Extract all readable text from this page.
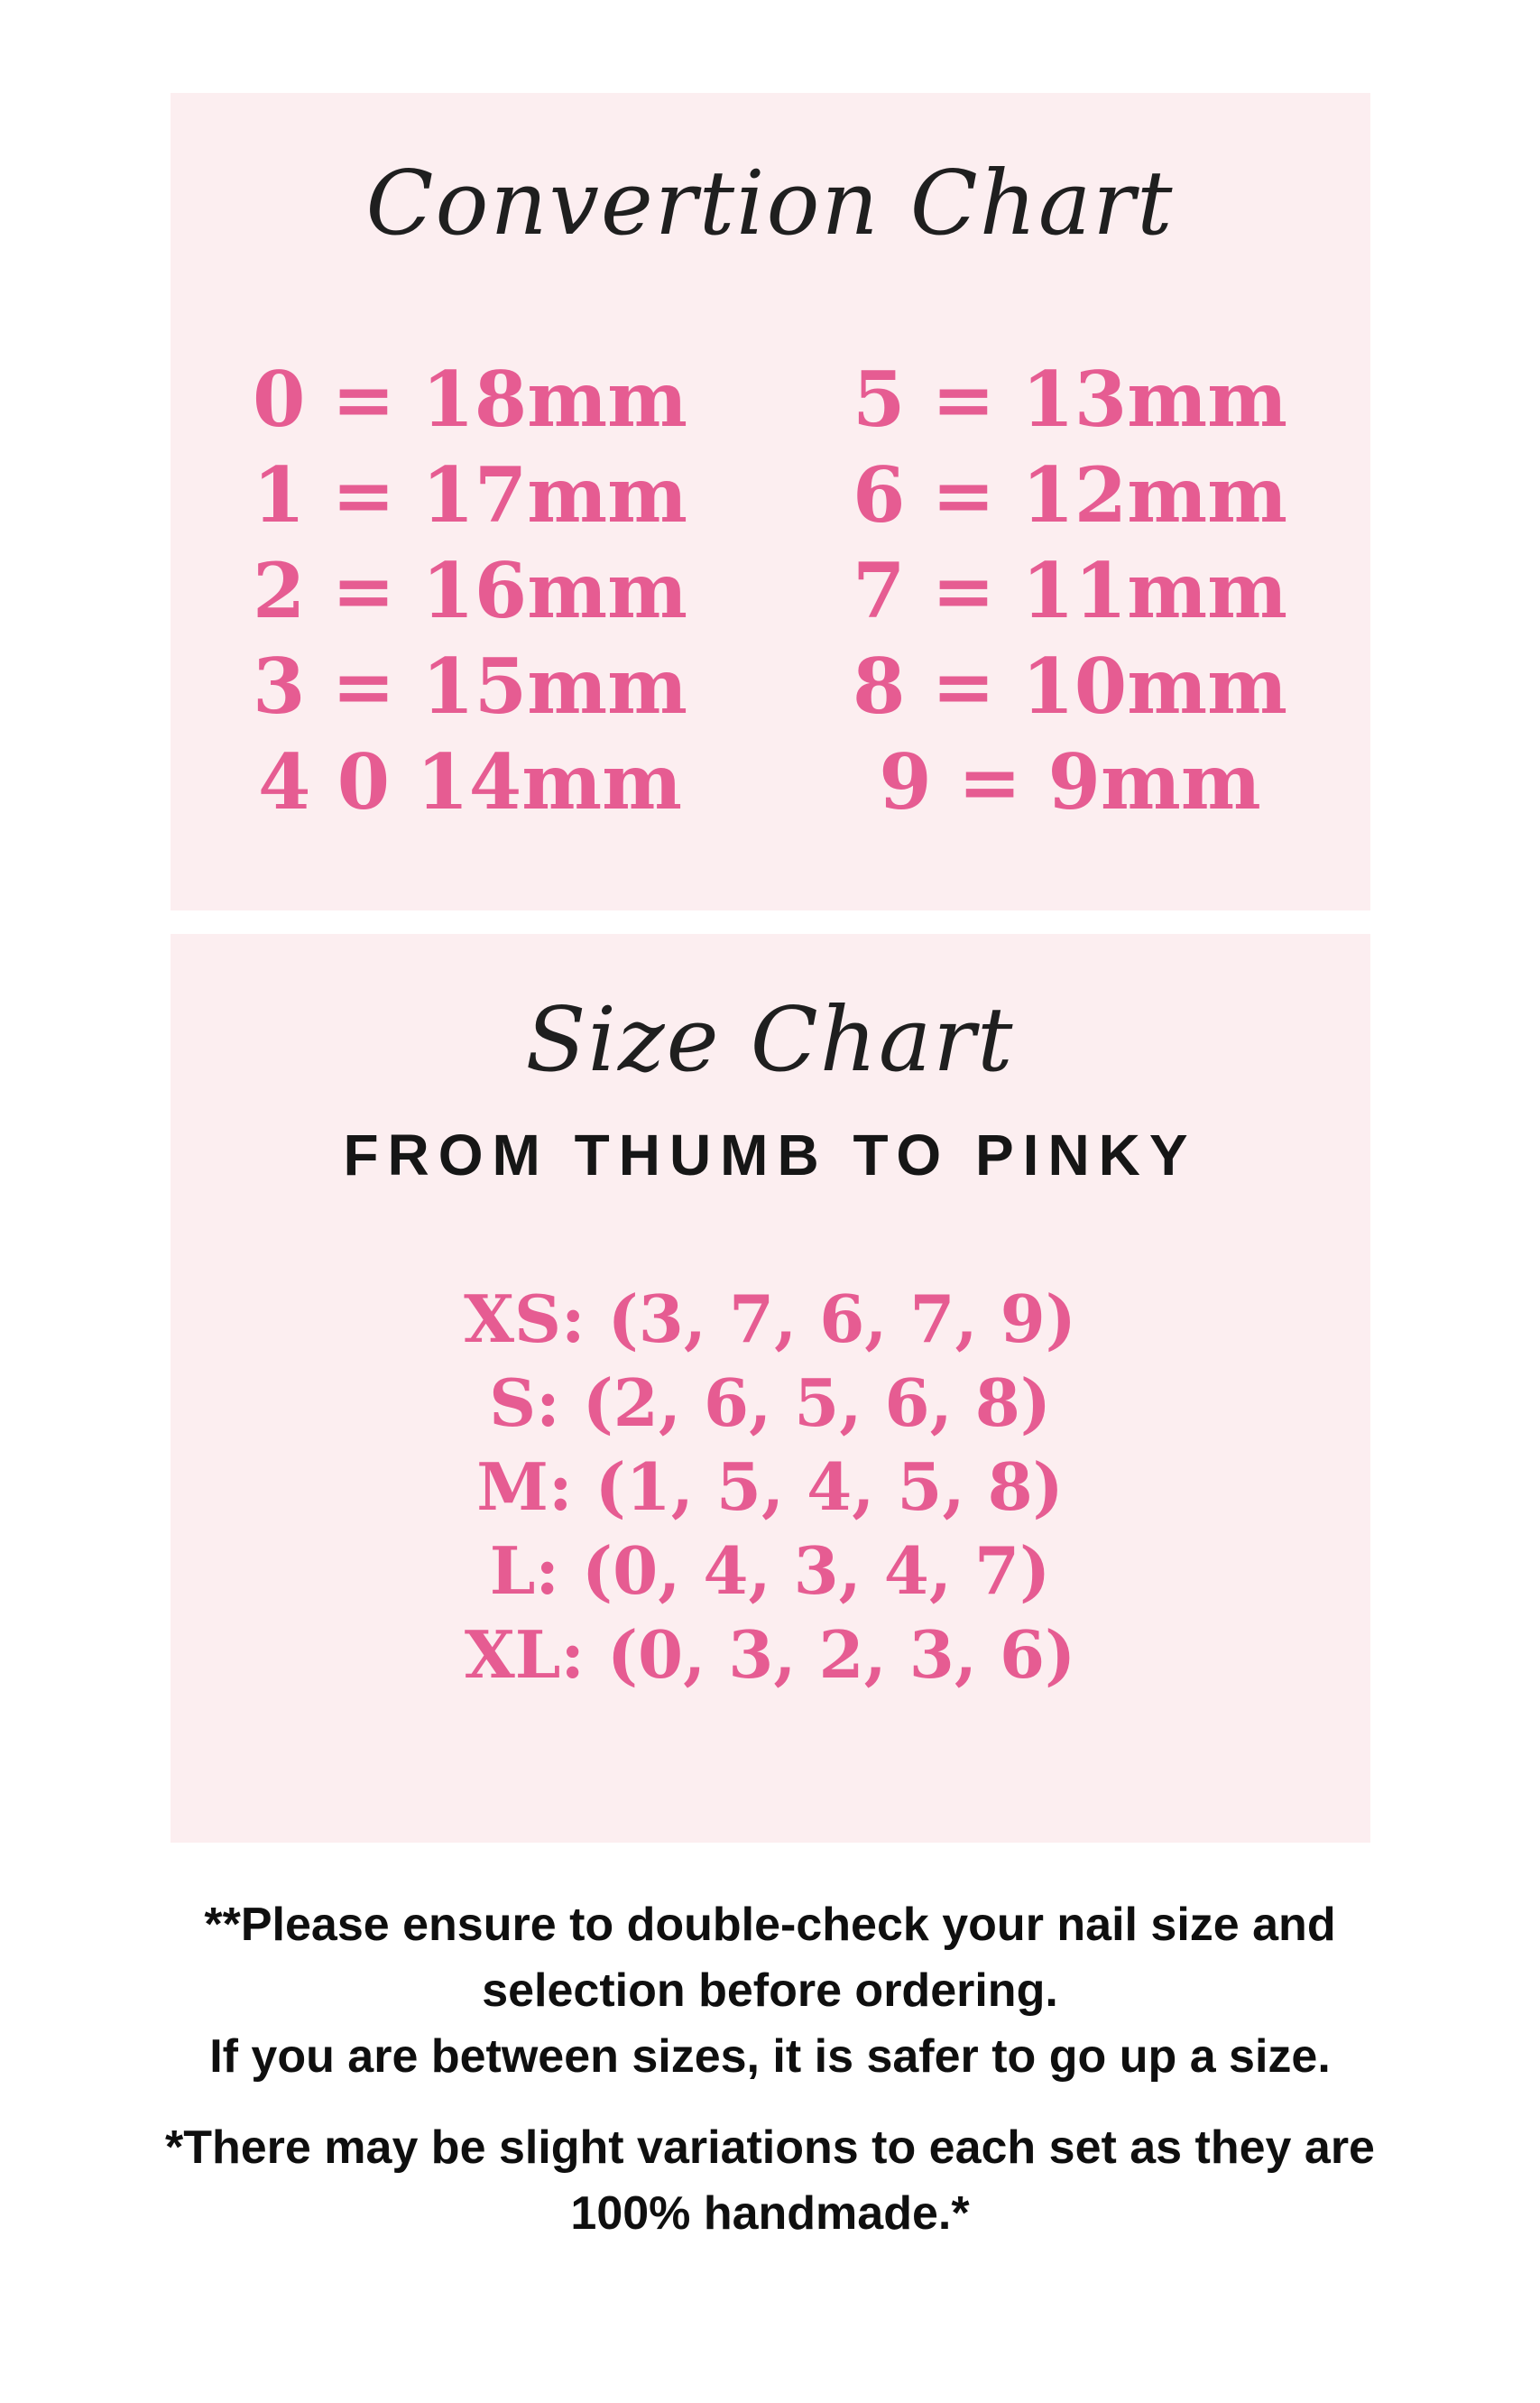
Convertion Chart
0 = 18mm
1 = 17mm
2 = 16mm
3 = 15mm
4 0 14mm
5 = 13mm
6 = 12mm
7 = 11mm
8 = 10mm
9 = 9mm
Size Chart
FROM THUMB TO PINKY
XS: (3, 7, 6, 7, 9)
S: (2, 6, 5, 6, 8)
M: (1, 5, 4, 5, 8)
L: (0, 4, 3, 4, 7)
XL: (0, 3, 2, 3, 6)
**Please ensure to double-check your nail size and
selection before ordering.
If you are between sizes, it is safer to go up a size.
*There may be slight variations to each set as they are
100% handmade.*
